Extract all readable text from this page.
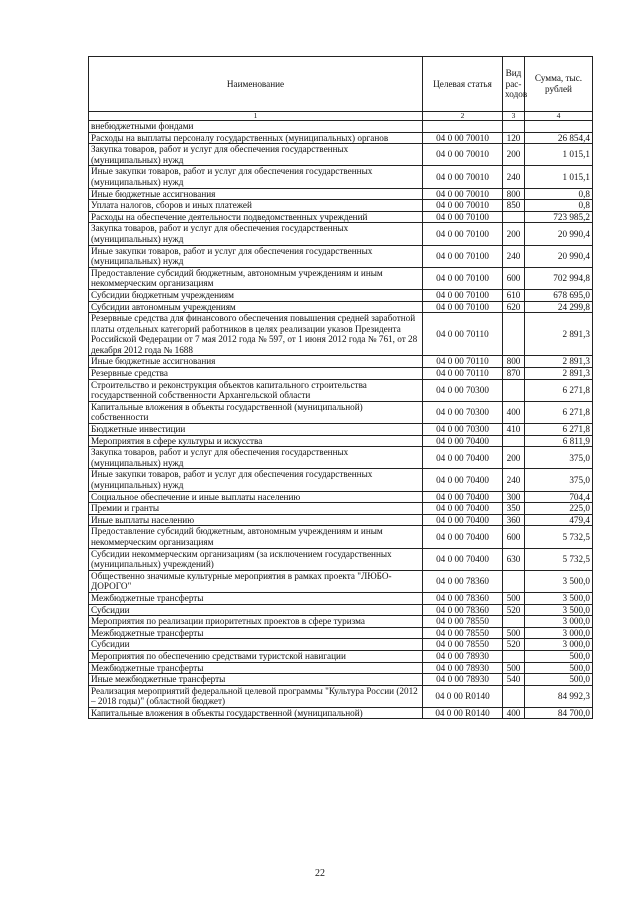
Наименование	Целевая статья	Вид рас-ходов	Сумма, тыс. рублей
1	2	3	4
внебюджетными фондами			
Расходы на выплаты персоналу государственных (муниципальных) органов	04 0 00 70010	120	26 854,4
Закупка товаров, работ и услуг для обеспечения государственных (муниципальных) нужд	04 0 00 70010	200	1 015,1
Иные закупки товаров, работ и услуг для обеспечения государственных (муниципальных) нужд	04 0 00 70010	240	1 015,1
Иные бюджетные ассигнования	04 0 00 70010	800	0,8
Уплата налогов, сборов и иных платежей	04 0 00 70010	850	0,8
Расходы на обеспечение деятельности подведомственных учреждений	04 0 00 70100		723 985,2
Закупка товаров, работ и услуг для обеспечения государственных (муниципальных) нужд	04 0 00 70100	200	20 990,4
Иные закупки товаров, работ и услуг для обеспечения государственных (муниципальных) нужд	04 0 00 70100	240	20 990,4
Предоставление субсидий бюджетным, автономным учреждениям и иным некоммерческим организациям	04 0 00 70100	600	702 994,8
Субсидии бюджетным учреждениям	04 0 00 70100	610	678 695,0
Субсидии автономным учреждениям	04 0 00 70100	620	24 299,8
Резервные средства для финансового обеспечения повышения средней заработной платы отдельных категорий работников в целях реализации указов Президента Российской Федерации от 7 мая 2012 года № 597, от 1 июня 2012 года № 761, от 28 декабря 2012 года № 1688	04 0 00 70110		2 891,3
Иные бюджетные ассигнования	04 0 00 70110	800	2 891,3
Резервные средства	04 0 00 70110	870	2 891,3
Строительство и реконструкция объектов капитального строительства государственной собственности Архангельской области	04 0 00 70300		6 271,8
Капитальные вложения в объекты государственной (муниципальной) собственности	04 0 00 70300	400	6 271,8
Бюджетные инвестиции	04 0 00 70300	410	6 271,8
Мероприятия в сфере культуры и искусства	04 0 00 70400		6 811,9
Закупка товаров, работ и услуг для обеспечения государственных (муниципальных) нужд	04 0 00 70400	200	375,0
Иные закупки товаров, работ и услуг для обеспечения государственных (муниципальных) нужд	04 0 00 70400	240	375,0
Социальное обеспечение и иные выплаты населению	04 0 00 70400	300	704,4
Премии и гранты	04 0 00 70400	350	225,0
Иные выплаты населению	04 0 00 70400	360	479,4
Предоставление субсидий бюджетным, автономным учреждениям и иным некоммерческим организациям	04 0 00 70400	600	5 732,5
Субсидии некоммерческим организациям (за исключением государственных (муниципальных) учреждений)	04 0 00 70400	630	5 732,5
Общественно значимые культурные мероприятия в рамках проекта "ЛЮБО-ДОРОГО"	04 0 00 78360		3 500,0
Межбюджетные трансферты	04 0 00 78360	500	3 500,0
Субсидии	04 0 00 78360	520	3 500,0
Мероприятия по реализации приоритетных проектов в сфере туризма	04 0 00 78550		3 000,0
Межбюджетные трансферты	04 0 00 78550	500	3 000,0
Субсидии	04 0 00 78550	520	3 000,0
Мероприятия по обеспечению средствами туристской навигации	04 0 00 78930		500,0
Межбюджетные трансферты	04 0 00 78930	500	500,0
Иные межбюджетные трансферты	04 0 00 78930	540	500,0
Реализация мероприятий федеральной целевой программы "Культура России (2012 – 2018 годы)" (областной бюджет)	04 0 00 R0140		84 992,3
Капитальные вложения в объекты государственной (муниципальной)	04 0 00 R0140	400	84 700,0
22
